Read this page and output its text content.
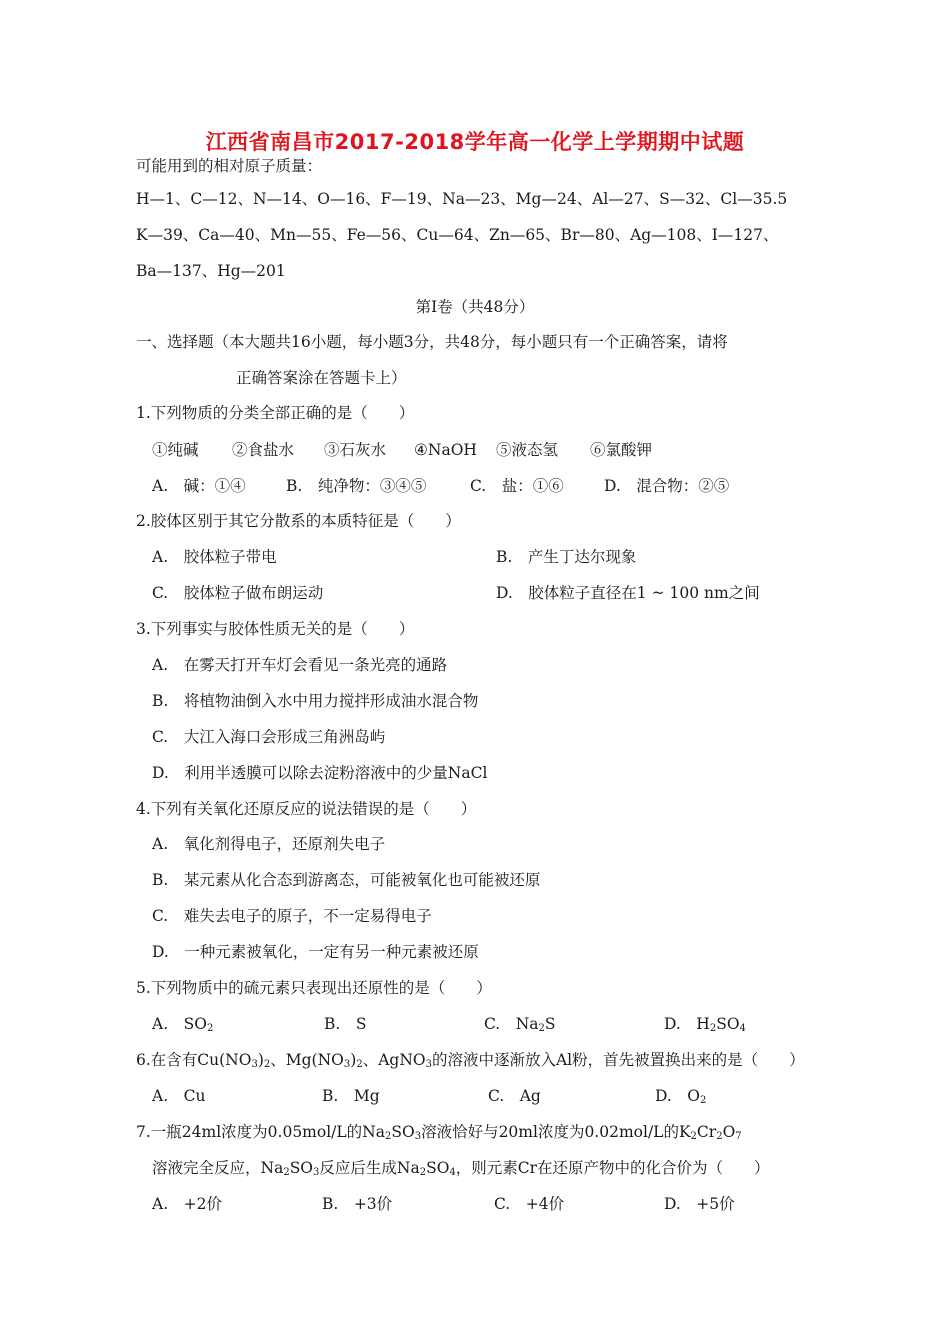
江西省南昌市2017-2018学年高一化学上学期期中试题
可能用到的相对原子质量：
H—1、C—12、N—14、O—16、F—19、Na—23、Mg—24、Al—27、S—32、Cl—35.5
K—39、Ca—40、Mn—55、Fe—56、Cu—64、Zn—65、Br—80、Ag—108、I—127、
Ba—137、Hg—201
第Ⅰ卷（共48分）
一、选择题（本大题共16小题，每小题3分，共48分，每小题只有一个正确答案，请将
正确答案涂在答题卡上）
1.下列物质的分类全部正确的是（　　）
①纯碱 ②食盐水 ③石灰水 ④NaOH ⑤液态氢 ⑥氯酸钾
A.　碱：①④	B.　纯净物：③④⑤	C.　盐：①⑥	D.　混合物：②⑤
2.胶体区别于其它分散系的本质特征是（　　）
A.　胶体粒子带电	B.　产生丁达尔现象
C.　胶体粒子做布朗运动	D.　胶体粒子直径在1 ~ 100 nm之间
3.下列事实与胶体性质无关的是（　　）
A.　在雾天打开车灯会看见一条光亮的通路
B.　将植物油倒入水中用力搅拌形成油水混合物
C.　大江入海口会形成三角洲岛屿
D.　利用半透膜可以除去淀粉溶液中的少量NaCl
4.下列有关氧化还原反应的说法错误的是（　　）
A.　氧化剂得电子，还原剂失电子
B.　某元素从化合态到游离态，可能被氧化也可能被还原
C.　难失去电子的原子，不一定易得电子
D.　一种元素被氧化，一定有另一种元素被还原
5.下列物质中的硫元素只表现出还原性的是（　　）
A.　$SO_2$	B.　S	C.　$Na_2S$	D.　$H_2SO_4$
6.在含有$Cu(NO_3)_2$、$Mg(NO_3)_2$、AgNO$_3$的溶液中逐渐放入Al粉，首先被置换出来的是（　　）
A.　Cu	B.　Mg	C.　Ag	D.　$O_2$
7.一瓶24ml浓度为0.05mol/L的$Na_2SO_3$溶液恰好与20ml浓度为0.02mol/L的$K_2Cr_2O_7$
溶液完全反应，$Na_2SO_3$反应后生成$Na_2SO_4$，则元素Cr在还原产物中的化合价为（　　）
A.　+2价	B.　+3价	C.　+4价	D.　+5价
